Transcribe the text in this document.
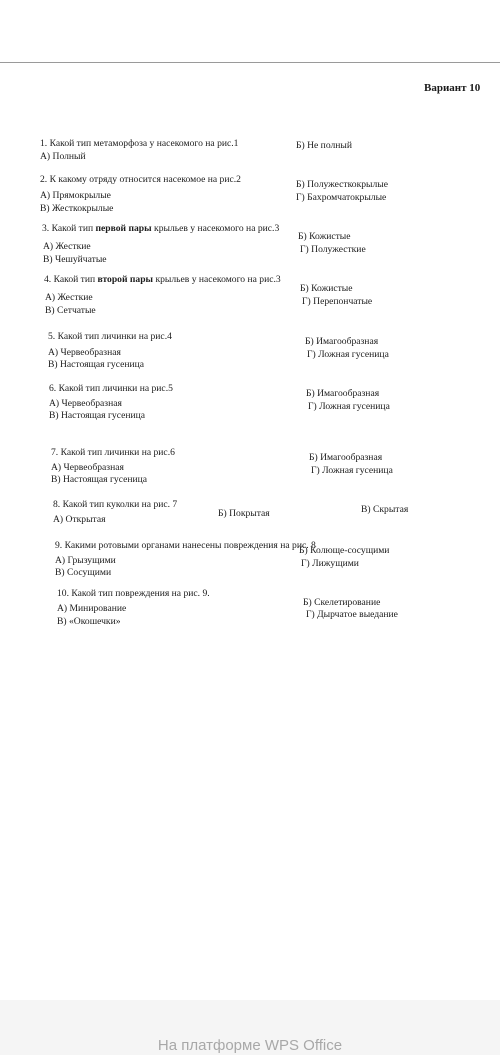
Вариант 10
1. Какой тип метаморфоза у насекомого на рис.1
А) Полный
Б) Не полный
2. К какому отряду относится насекомое на рис.2
А) Прямокрылые
Б) Полужесткокрылые
В) Жесткокрылые
Г) Бахромчатокрылые
3. Какой тип первой пары крыльев у насекомого на рис.3
А) Жесткие
Б) Кожистые
В) Чешуйчатые
Г) Полужесткие
4. Какой тип второй пары крыльев у насекомого на рис.3
А) Жесткие
Б) Кожистые
В) Сетчатые
Г) Перепончатые
5. Какой тип личинки на рис.4
А) Червеобразная
Б) Имагообразная
В) Настоящая гусеница
Г) Ложная гусеница
6. Какой тип личинки на рис.5
А) Червеобразная
Б) Имагообразная
В) Настоящая гусеница
Г) Ложная гусеница
7. Какой тип личинки на рис.6
А) Червеобразная
Б) Имагообразная
В) Настоящая гусеница
Г) Ложная гусеница
8. Какой тип куколки на рис. 7
А) Открытая
Б) Покрытая	В) Скрытая
9. Какими ротовыми органами нанесены повреждения на рис. 8
А) Грызущими
Б) Колюще-сосущими
В) Сосущими
Г) Лижущими
10. Какой тип повреждения на рис. 9.
А) Минирование
Б) Скелетирование
В) «Окошечки»
Г) Дырчатое выедание
На платформе WPS Office
